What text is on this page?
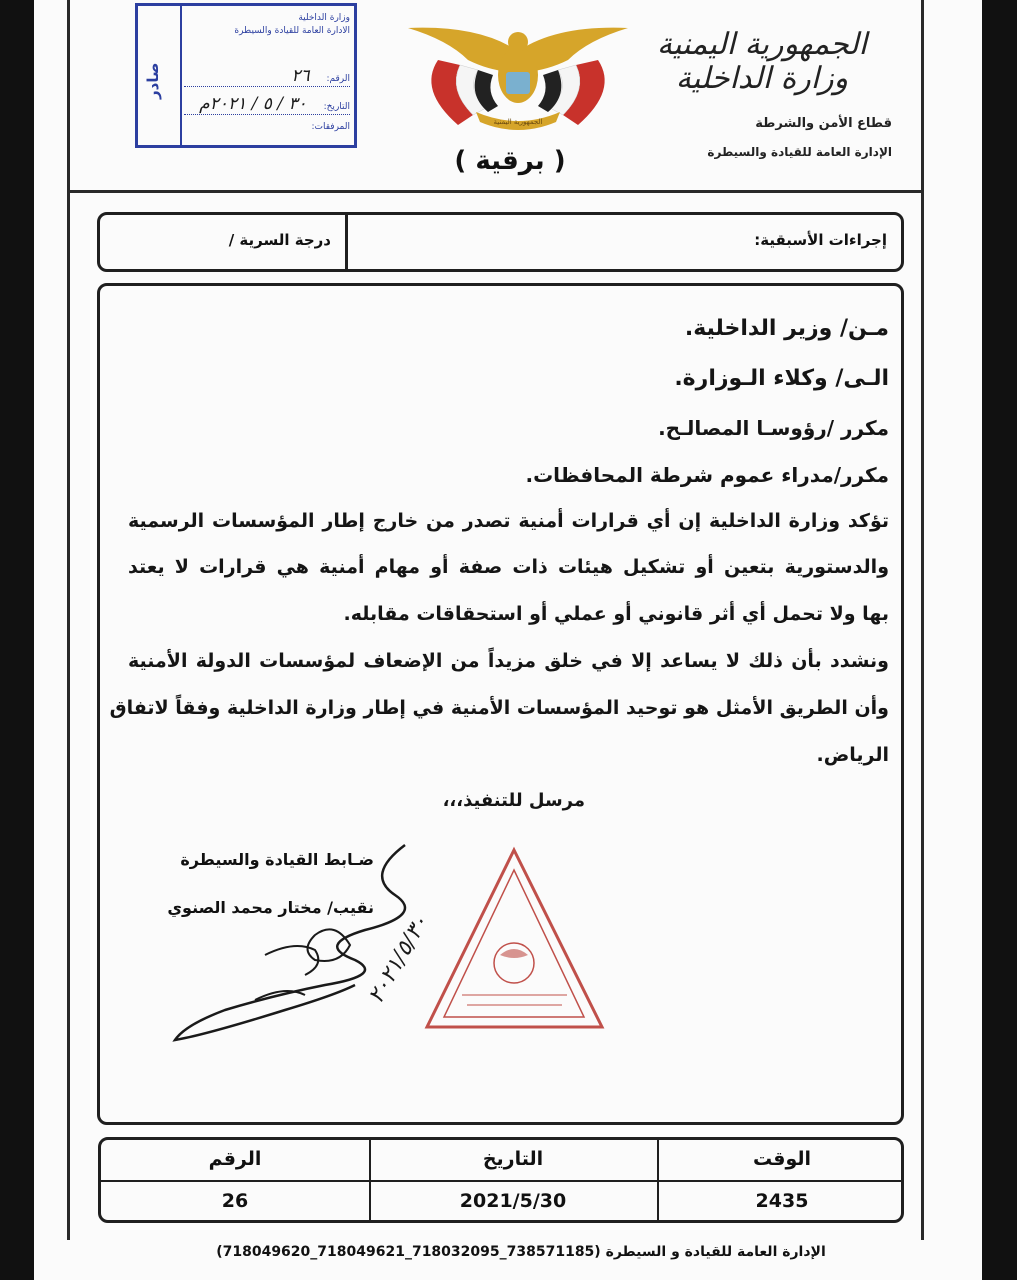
صادر
وزارة الداخلية
الادارة العامة للقيادة والسيطرة
الرقم: ٢٦
التاريخ: ٣٠ / ٥ / ٢٠٢١م
المرفقات:	الجمهورية اليمنية
( برقية )
الجمهورية اليمنية
وزارة الداخلية
قطاع الأمن والشرطة
الإدارة العامة للقيادة والسيطرة
إجراءات الأسبقية:
درجة السرية /
مـن/ وزير الداخلية.
الـى/ وكلاء الـوزارة.
مكرر /رؤوسـا المصالـح.
مكرر/مدراء عموم شرطة المحافظات.
تؤكد وزارة الداخلية إن أي قرارات أمنية تصدر من خارج إطار المؤسسات الرسمية
والدستورية بتعين أو تشكيل هيئات ذات صفة أو مهام أمنية هي قرارات لا يعتد
بها ولا تحمل أي أثر قانوني أو عملي أو استحقاقات مقابله.
ونشدد بأن ذلك لا يساعد إلا في خلق مزيداً من الإضعاف لمؤسسات الدولة الأمنية
وأن الطريق الأمثل هو توحيد المؤسسات الأمنية في إطار وزارة الداخلية وفقاً لاتفاق
الرياض.
مرسل للتنفيذ،،،
ضـابط القيادة والسيطرة
نقيب/ مختار محمد الصنوي
٢٠٢١/٥/٣٠
الوقت
التاريخ
الرقم
2435
2021/5/30
26
الإدارة العامة للقيادة و السيطرة (738571185_718032095_718049621_718049620)
